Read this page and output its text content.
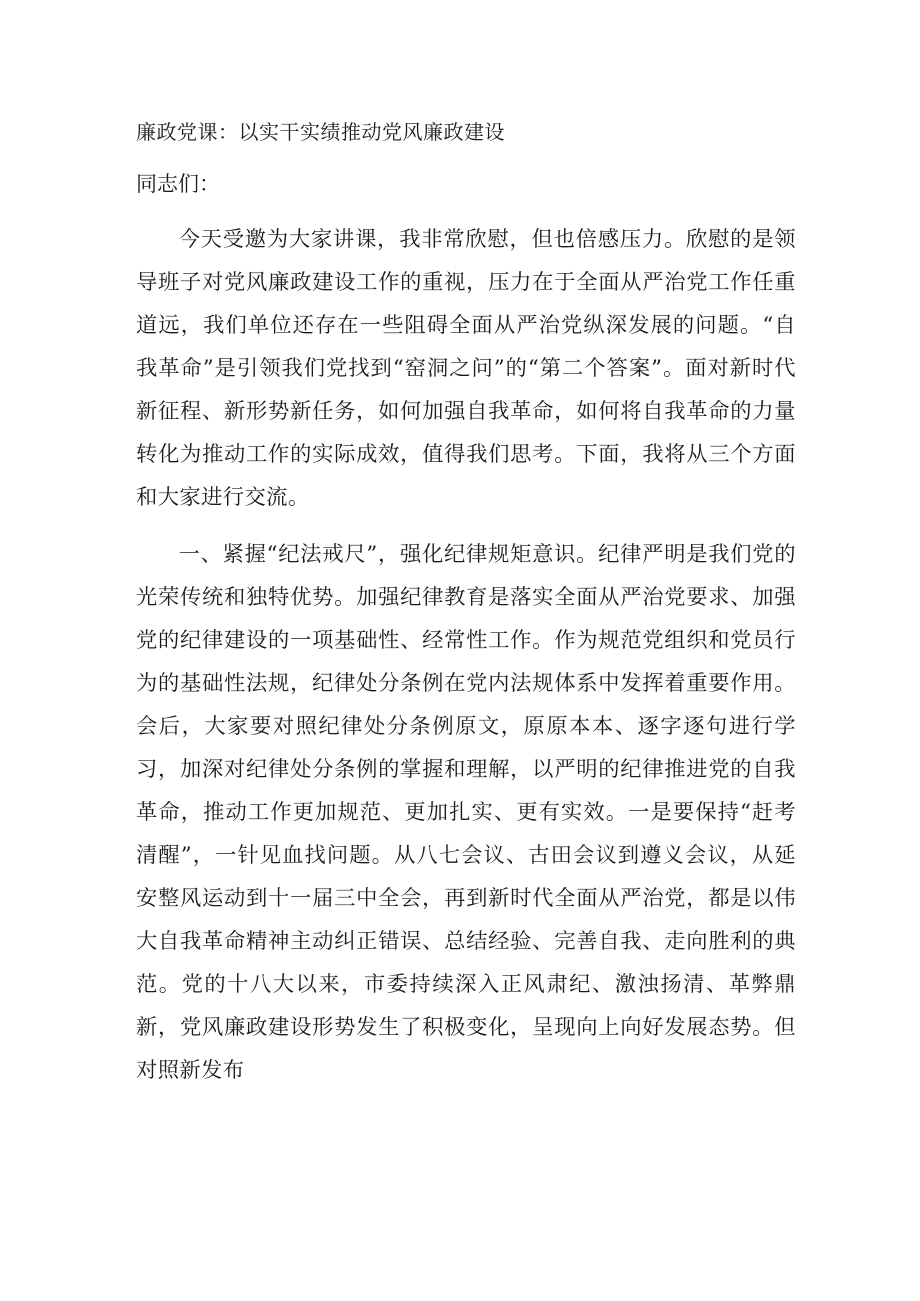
廉政党课：以实干实绩推动党风廉政建设
同志们：

今天受邀为大家讲课，我非常欣慰，但也倍感压力。欣慰的是领导班子对党风廉政建设工作的重视，压力在于全面从严治党工作任重道远，我们单位还存在一些阻碍全面从严治党纵深发展的问题。“自我革命”是引领我们党找到“窑洞之问”的“第二个答案”。面对新时代新征程、新形势新任务，如何加强自我革命，如何将自我革命的力量转化为推动工作的实际成效，值得我们思考。下面，我将从三个方面和大家进行交流。

一、紧握“纪法戒尺”，强化纪律规矩意识。纪律严明是我们党的光荣传统和独特优势。加强纪律教育是落实全面从严治党要求、加强党的纪律建设的一项基础性、经常性工作。作为规范党组织和党员行为的基础性法规，纪律处分条例在党内法规体系中发挥着重要作用。会后，大家要对照纪律处分条例原文，原原本本、逐字逐句进行学习，加深对纪律处分条例的掌握和理解，以严明的纪律推进党的自我革命，推动工作更加规范、更加扎实、更有实效。一是要保持“赶考清醒”，一针见血找问题。从八七会议、古田会议到遵义会议，从延安整风运动到十一届三中全会，再到新时代全面从严治党，都是以伟大自我革命精神主动纠正错误、总结经验、完善自我、走向胜利的典范。党的十八大以来，市委持续深入正风肃纪、激浊扬清、革弊鼎新，党风廉政建设形势发生了积极变化，呈现向上向好发展态势。但对照新发布
